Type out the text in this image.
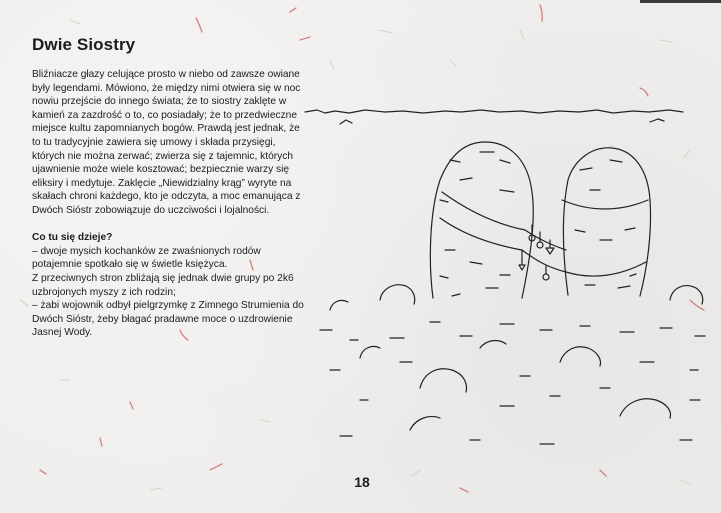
Dwie Siostry

Bliźniacze głazy celujące prosto w niebo od zawsze owiane były legendami. Mówiono, że między nimi otwiera się w noc nowiu przejście do innego świata; że to siostry zaklęte w kamień za zazdrość o to, co posiadały; że to przedwieczne miejsce kultu zapomnianych bogów. Prawdą jest jednak, że to tu tradycyjnie zawiera się umowy i składa przysięgi, których nie można zerwać; zwierza się z tajemnic, których ujawnienie może wiele kosztować; bezpiecznie warzy się eliksiry i medytuje. Zaklęcie „Niewidzialny krąg” wyryte na skałach chroni każdego, kto je odczyta, a moc emanująca z Dwóch Sióstr zobowiązuje do uczciwości i lojalności.

Co tu się dzieje?

– dwoje mysich kochanków ze zwaśnionych rodów potajemnie spotkało się w świetle księżyca.

Z przeciwnych stron zbliżają się jednak dwie grupy po 2k6 uzbrojonych myszy z ich rodzin;

– żabi wojownik odbył pielgrzymkę z Zimnego Strumienia do Dwóch Sióstr, żeby błagać pradawne moce o uzdrowienie Jasnej Wody.

18
